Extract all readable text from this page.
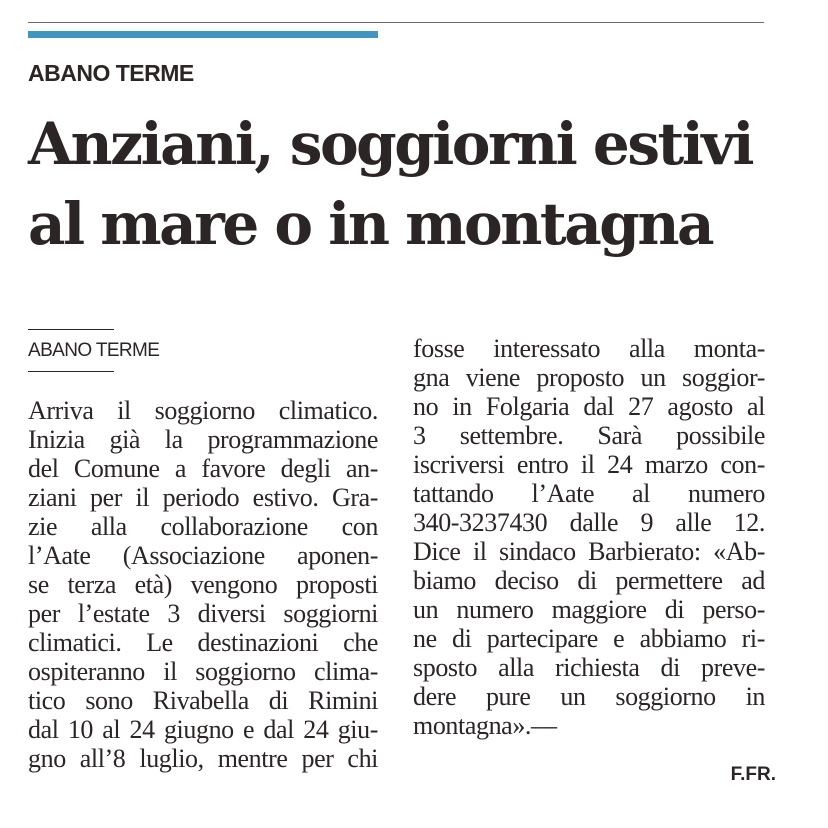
ABANO TERME
Anziani, soggiorni estivi
al mare o in montagna
ABANO TERME
Arriva il soggiorno climatico.
Inizia già la programmazione
del Comune a favore degli an-
ziani per il periodo estivo. Gra-
zie alla collaborazione con
l’Aate (Associazione aponen-
se terza età) vengono proposti
per l’estate 3 diversi soggiorni
climatici. Le destinazioni che
ospiteranno il soggiorno clima-
tico sono Rivabella di Rimini
dal 10 al 24 giugno e dal 24 giu-
gno all’8 luglio, mentre per chi
fosse interessato alla monta-
gna viene proposto un soggior-
no in Folgaria dal 27 agosto al
3 settembre. Sarà possibile
iscriversi entro il 24 marzo con-
tattando l’Aate al numero
340-3237430 dalle 9 alle 12.
Dice il sindaco Barbierato: «Ab-
biamo deciso di permettere ad
un numero maggiore di perso-
ne di partecipare e abbiamo ri-
sposto alla richiesta di preve-
dere pure un soggiorno in
montagna».—
F.FR.
